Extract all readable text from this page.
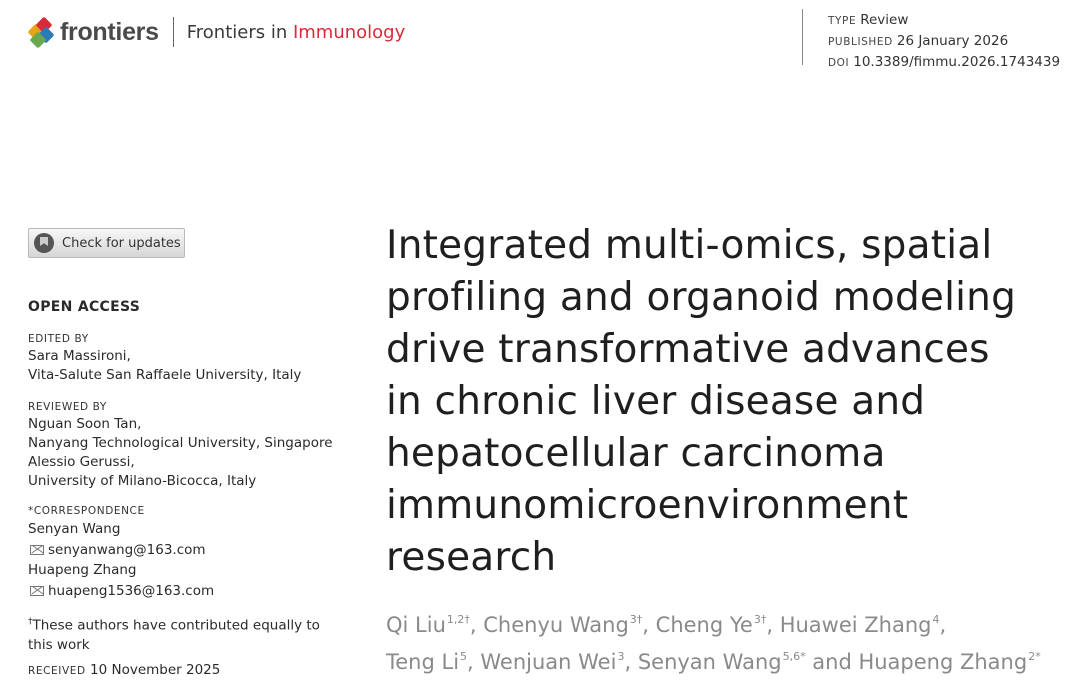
frontiers Frontiers in Immunology
TYPE Review
PUBLISHED 26 January 2026
DOI 10.3389/fimmu.2026.1743439
Check for updates
OPEN ACCESS
EDITED BY
Sara Massironi,
Vita-Salute San Raffaele University, Italy
REVIEWED BY
Nguan Soon Tan,
Nanyang Technological University, Singapore
Alessio Gerussi,
University of Milano-Bicocca, Italy
*CORRESPONDENCE
Senyan Wang
senyanwang@163.com
Huapeng Zhang
huapeng1536@163.com
†These authors have contributed equally to
this work
RECEIVED 10 November 2025
Integrated multi-omics, spatial
profiling and organoid modeling
drive transformative advances
in chronic liver disease and
hepatocellular carcinoma
immunomicroenvironment
research
Qi Liu$^{1,2\dagger}$, Chenyu Wang$^{3\dagger}$, Cheng $Ye^{3\dagger}$, Huawei Zhang$^4$,
Teng Li$^5$, Wenjuan Wei$^3$, Senyan Wang$^{5,6*}$ and Huapeng Zhang$^{2*}$
